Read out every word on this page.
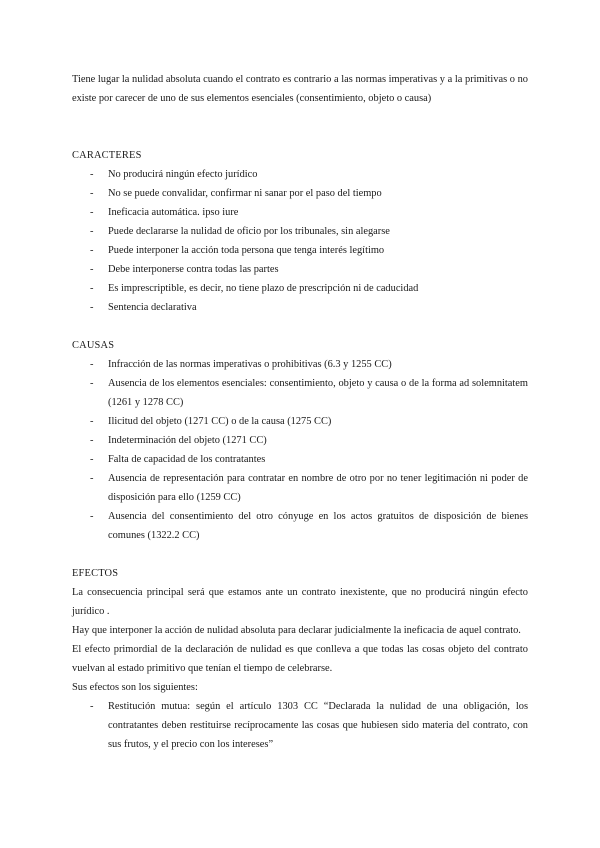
Tiene lugar la nulidad absoluta cuando el contrato es contrario a las normas imperativas y a la primitivas o no existe por carecer de uno de sus elementos esenciales (consentimiento, objeto o causa)

CARACTERES

- No producirá ningún efecto jurídico
- No se puede convalidar, confirmar ni sanar por el paso del tiempo
- Ineficacia automática. ipso iure
- Puede declararse la nulidad de oficio por los tribunales, sin alegarse
- Puede interponer la acción toda persona que tenga interés legítimo
- Debe interponerse contra todas las partes
- Es imprescriptible, es decir, no tiene plazo de prescripción ni de caducidad
- Sentencia declarativa

CAUSAS

- Infracción de las normas imperativas o prohibitivas (6.3 y 1255 CC)
- Ausencia de los elementos esenciales: consentimiento, objeto y causa o de la forma ad solemnitatem (1261 y 1278 CC)
- Ilicitud del objeto (1271 CC) o de la causa (1275 CC)
- Indeterminación del objeto (1271 CC)
- Falta de capacidad de los contratantes
- Ausencia de representación para contratar en nombre de otro por no tener legitimación ni poder de disposición para ello (1259 CC)
- Ausencia del consentimiento del otro cónyuge en los actos gratuitos de disposición de bienes comunes (1322.2 CC)

EFECTOS

La consecuencia principal será que estamos ante un contrato inexistente, que no producirá ningún efecto jurídico .

Hay que interponer la acción de nulidad absoluta para declarar judicialmente la ineficacia de aquel contrato.

El efecto primordial de la declaración de nulidad es que conlleva a que todas las cosas objeto del contrato vuelvan al estado primitivo que tenían el tiempo de celebrarse.

Sus efectos son los siguientes:

- Restitución mutua: según el artículo 1303 CC “Declarada la nulidad de una obligación, los contratantes deben restituirse recíprocamente las cosas que hubiesen sido materia del contrato, con sus frutos, y el precio con los intereses”
